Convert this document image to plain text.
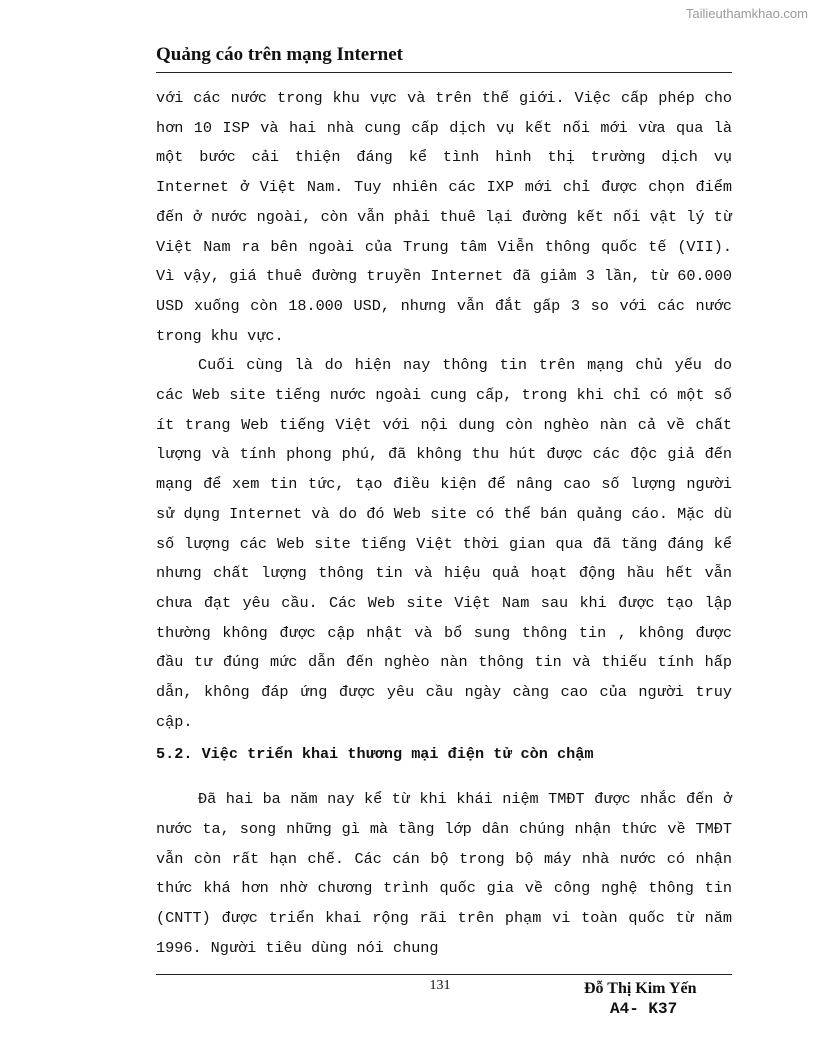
Tailieuthamkhao.com
Quảng cáo trên mạng Internet

với các nước trong khu vực và trên thế giới. Việc cấp phép cho hơn 10 ISP và hai nhà cung cấp dịch vụ kết nối mới vừa qua là một bước cải thiện đáng kể tình hình thị trường dịch vụ Internet ở Việt Nam. Tuy nhiên các IXP mới chỉ được chọn điểm đến ở nước ngoài, còn vẫn phải thuê lại đường kết nối vật lý từ Việt Nam ra bên ngoài của Trung tâm Viễn thông quốc tế (VII). Vì vậy, giá thuê đường truyền Internet đã giảm 3 lần, từ 60.000 USD xuống còn 18.000 USD, nhưng vẫn đắt gấp 3 so với các nước trong khu vực.

Cuối cùng là do hiện nay thông tin trên mạng chủ yếu do các Web site tiếng nước ngoài cung cấp, trong khi chỉ có một số ít trang Web tiếng Việt với nội dung còn nghèo nàn cả về chất lượng và tính phong phú, đã không thu hút được các độc giả đến mạng để xem tin tức, tạo điều kiện để nâng cao số lượng người sử dụng Internet và do đó Web site có thể bán quảng cáo. Mặc dù số lượng các Web site tiếng Việt thời gian qua đã tăng đáng kể nhưng chất lượng thông tin và hiệu quả hoạt động hầu hết vẫn chưa đạt yêu cầu. Các Web site Việt Nam sau khi được tạo lập thường không được cập nhật và bổ sung thông tin , không được đầu tư đúng mức dẫn đến nghèo nàn thông tin và thiếu tính hấp dẫn, không đáp ứng được yêu cầu ngày càng cao của người truy cập.

5.2. Việc triển khai thương mại điện tử còn chậm

Đã hai ba năm nay kể từ khi khái niệm TMĐT được nhắc đến ở nước ta, song những gì mà tầng lớp dân chúng nhận thức về TMĐT vẫn còn rất hạn chế. Các cán bộ trong bộ máy nhà nước có nhận thức khá hơn nhờ chương trình quốc gia về công nghệ thông tin (CNTT) được triển khai rộng rãi trên phạm vi toàn quốc từ năm 1996. Người tiêu dùng nói chung

131	Đỗ Thị Kim Yến
A4- K37
